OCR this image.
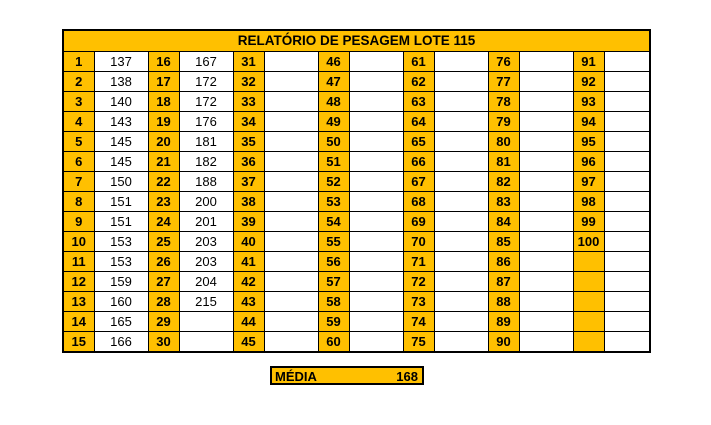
RELATÓRIO DE PESAGEM LOTE 115													
1	137	16	167	31		46		61		76		91	
2	138	17	172	32		47		62		77		92	
3	140	18	172	33		48		63		78		93	
4	143	19	176	34		49		64		79		94	
5	145	20	181	35		50		65		80		95	
6	145	21	182	36		51		66		81		96	
7	150	22	188	37		52		67		82		97	
8	151	23	200	38		53		68		83		98	
9	151	24	201	39		54		69		84		99	
10	153	25	203	40		55		70		85		100	
11	153	26	203	41		56		71		86			
12	159	27	204	42		57		72		87			
13	160	28	215	43		58		73		88			
14	165	29		44		59		74		89			
15	166	30		45		60		75		90			
MÉDIA	168
